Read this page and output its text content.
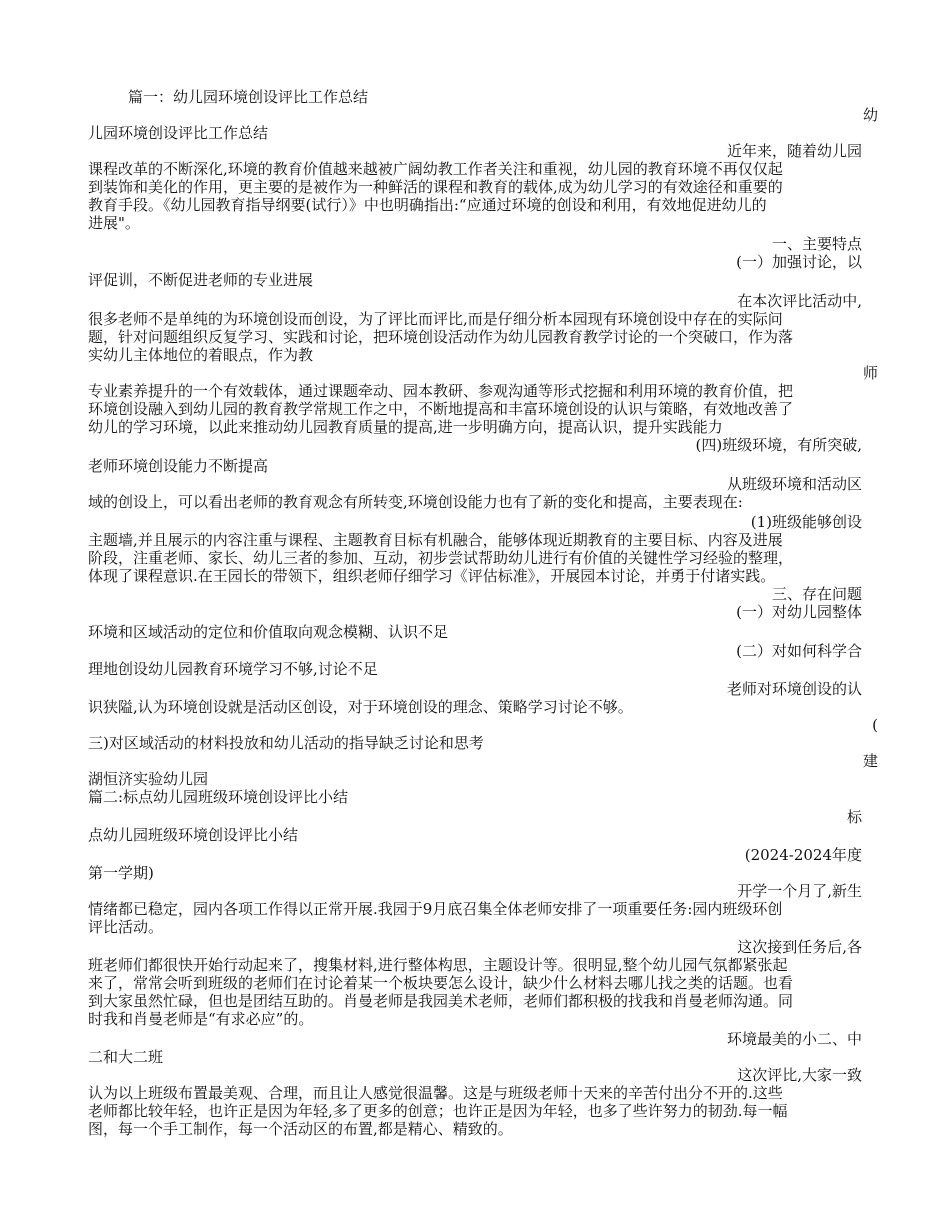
篇一：幼儿园环境创设评比工作总结
幼
儿园环境创设评比工作总结
近年来，随着幼儿园
课程改革的不断深化,环境的教育价值越来越被广阔幼教工作者关注和重视，幼儿园的教育环境不再仅仅起
到装饰和美化的作用，更主要的是被作为一种鲜活的课程和教育的载体,成为幼儿学习的有效途径和重要的
教育手段。《幼儿园教育指导纲要(试行）》中也明确指出:“应通过环境的创设和利用，有效地促进幼儿的
进展"。
一、主要特点
(一）加强讨论，以
评促训，不断促进老师的专业进展
在本次评比活动中,
很多老师不是单纯的为环境创设而创设，为了评比而评比,而是仔细分析本园现有环境创设中存在的实际问
题，针对问题组织反复学习、实践和讨论，把环境创设活动作为幼儿园教育教学讨论的一个突破口，作为落
实幼儿主体地位的着眼点，作为教
师
专业素养提升的一个有效载体，通过课题牵动、园本教研、参观沟通等形式挖掘和利用环境的教育价值，把
环境创设融入到幼儿园的教育教学常规工作之中，不断地提高和丰富环境创设的认识与策略，有效地改善了
幼儿的学习环境，以此来推动幼儿园教育质量的提高,进一步明确方向，提高认识，提升实践能力
(四)班级环境，有所突破,
老师环境创设能力不断提高
从班级环境和活动区
域的创设上，可以看出老师的教育观念有所转变,环境创设能力也有了新的变化和提高，主要表现在:
(1)班级能够创设
主题墙,并且展示的内容注重与课程、主题教育目标有机融合，能够体现近期教育的主要目标、内容及进展
阶段，注重老师、家长、幼儿三者的参加、互动，初步尝试帮助幼儿进行有价值的关键性学习经验的整理，
体现了课程意识.在王园长的带领下，组织老师仔细学习《评估标准》，开展园本讨论，并勇于付诸实践。
三、存在问题
(一）对幼儿园整体
环境和区域活动的定位和价值取向观念模糊、认识不足
(二）对如何科学合
理地创设幼儿园教育环境学习不够,讨论不足
老师对环境创设的认
识狭隘,认为环境创设就是活动区创设，对于环境创设的理念、策略学习讨论不够。
(
三)对区域活动的材料投放和幼儿活动的指导缺乏讨论和思考
建
湖恒济实验幼儿园
篇二:标点幼儿园班级环境创设评比小结
标
点幼儿园班级环境创设评比小结
(2024-2024年度
第一学期)
开学一个月了,新生
情绪都已稳定，园内各项工作得以正常开展.我园于9月底召集全体老师安排了一项重要任务:园内班级环创
评比活动。
这次接到任务后,各
班老师们都很快开始行动起来了，搜集材料,进行整体构思，主题设计等。很明显,整个幼儿园气氛都紧张起
来了，常常会听到班级的老师们在讨论着某一个板块要怎么设计，缺少什么材料去哪儿找之类的话题。也看
到大家虽然忙碌，但也是团结互助的。肖曼老师是我园美术老师，老师们都积极的找我和肖曼老师沟通。同
时我和肖曼老师是“有求必应”的。
环境最美的小二、中
二和大二班
这次评比,大家一致
认为以上班级布置最美观、合理，而且让人感觉很温馨。这是与班级老师十天来的辛苦付出分不开的.这些
老师都比较年轻，也许正是因为年轻,多了更多的创意；也许正是因为年轻，也多了些许努力的韧劲.每一幅
图，每一个手工制作，每一个活动区的布置,都是精心、精致的。
